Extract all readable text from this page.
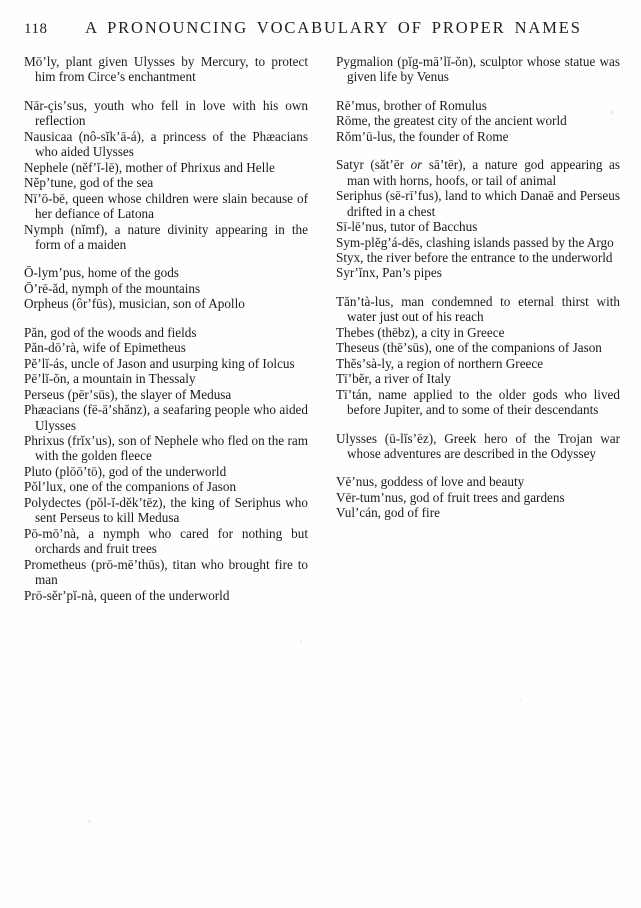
118	A PRONOUNCING VOCABULARY OF PROPER NAMES

Mōʼly, plant given Ulysses by Mercury, to protect him from Circe’s enchantment

Nār-çisʼsus, youth who fell in love with his own reflection

Nausicaa (nô-sĭkʼā-á), a princess of the Phæacians who aided Ulysses

Nephele (nĕfʼĭ-lē), mother of Phrixus and Helle

Nĕpʼtune, god of the sea

Nīʼō-bē, queen whose children were slain because of her defiance of Latona

Nymph (nĭmf), a nature divinity appearing in the form of a maiden

Ō-lymʼpus, home of the gods

Ōʼrē-ăd, nymph of the mountains

Orpheus (ôrʼfūs), musician, son of Apollo

Păn, god of the woods and fields

Păn-dōʼrà, wife of Epimetheus

Pĕʼlĭ-ás, uncle of Jason and usurping king of Iolcus

Pēʼlĭ-ŏn, a mountain in Thessaly

Perseus (pērʼsūs), the slayer of Medusa

Phæacians (fē-āʼshănz), a seafaring people who aided Ulysses

Phrixus (frĭxʼus), son of Nephele who fled on the ram with the golden fleece

Pluto (plōōʼtō), god of the underworld

Pŏlʼlux, one of the companions of Jason

Polydectes (pŏl-ĭ-dĕkʼtēz), the king of Seriphus who sent Perseus to kill Medusa

Pō-mōʼnà, a nymph who cared for nothing but orchards and fruit trees

Prometheus (prō-mēʼthūs), titan who brought fire to man

Prō-sĕrʼpĭ-nà, queen of the underworld

Pygmalion (pĭg-māʼlĭ-ŏn), sculptor whose statue was given life by Venus

Rēʼmus, brother of Romulus

Rōme, the greatest city of the ancient world

Rŏmʼū-lus, the founder of Rome

Satyr (sătʼēr or sāʼtēr), a nature god appearing as man with horns, hoofs, or tail of animal

Seriphus (sē-rīʼfus), land to which Danaē and Perseus drifted in a chest

Sī-lēʼnus, tutor of Bacchus

Sym-plĕgʼá-dēs, clashing islands passed by the Argo

Styx, the river before the entrance to the underworld

Syrʼĭnx, Pan’s pipes

Tănʼtà-lus, man condemned to eternal thirst with water just out of his reach

Thebes (thēbz), a city in Greece

Theseus (thēʼsūs), one of the companions of Jason

Thĕsʼsà-ly, a region of northern Greece

Tīʼbĕr, a river of Italy

Tīʼtán, name applied to the older gods who lived before Jupiter, and to some of their descendants

Ulysses (ū-lĭsʼēz), Greek hero of the Trojan war whose adventures are described in the Odyssey

Vēʼnus, goddess of love and beauty

Vēr-tumʼnus, god of fruit trees and gardens

Vulʼcán, god of fire
